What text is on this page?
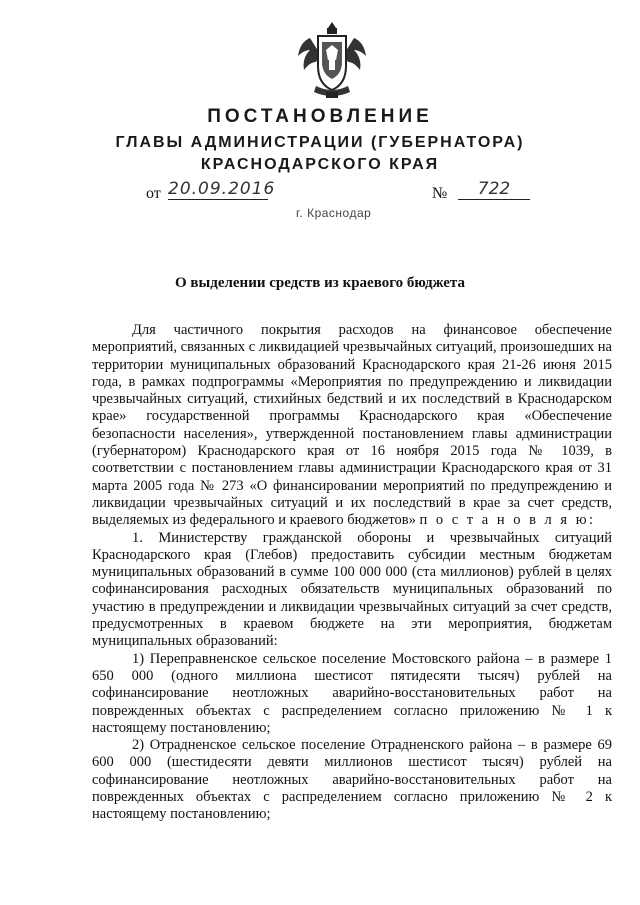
ПОСТАНОВЛЕНИЕ
ГЛАВЫ АДМИНИСТРАЦИИ (ГУБЕРНАТОРА)
КРАСНОДАРСКОГО КРАЯ
от 20.09.2016	№	722
г. Краснодар
О выделении средств из краевого бюджета

Для частичного покрытия расходов на финансовое обеспечение мероприятий, связанных с ликвидацией чрезвычайных ситуаций, произошедших на территории муниципальных образований Краснодарского края 21-26 июня 2015 года, в рамках подпрограммы «Мероприятия по предупреждению и ликвидации чрезвычайных ситуаций, стихийных бедствий и их последствий в Краснодарском крае» государственной программы Краснодарского края «Обеспечение безопасности населения», утвержденной постановлением главы администрации (губернатором) Краснодарского края от 16 ноября 2015 года № 1039, в соответствии с постановлением главы администрации Краснодарского края от 31 марта 2005 года № 273 «О финансировании мероприятий по предупреждению и ликвидации чрезвычайных ситуаций и их последствий в крае за счет средств, выделяемых из федерального и краевого бюджетов» п о с т а н о в л я ю:

1. Министерству гражданской обороны и чрезвычайных ситуаций Краснодарского края (Глебов) предоставить субсидии местным бюджетам муниципальных образований в сумме 100 000 000 (ста миллионов) рублей в целях софинансирования расходных обязательств муниципальных образований по участию в предупреждении и ликвидации чрезвычайных ситуаций за счет средств, предусмотренных в краевом бюджете на эти мероприятия, бюджетам муниципальных образований:

1) Переправненское сельское поселение Мостовского района – в размере 1 650 000 (одного миллиона шестисот пятидесяти тысяч) рублей на софинансирование неотложных аварийно-восстановительных работ на поврежденных объектах с распределением согласно приложению № 1 к настоящему постановлению;

2) Отрадненское сельское поселение Отрадненского района – в размере 69 600 000 (шестидесяти девяти миллионов шестисот тысяч) рублей на софинансирование неотложных аварийно-восстановительных работ на поврежденных объектах с распределением согласно приложению № 2 к настоящему постановлению;
